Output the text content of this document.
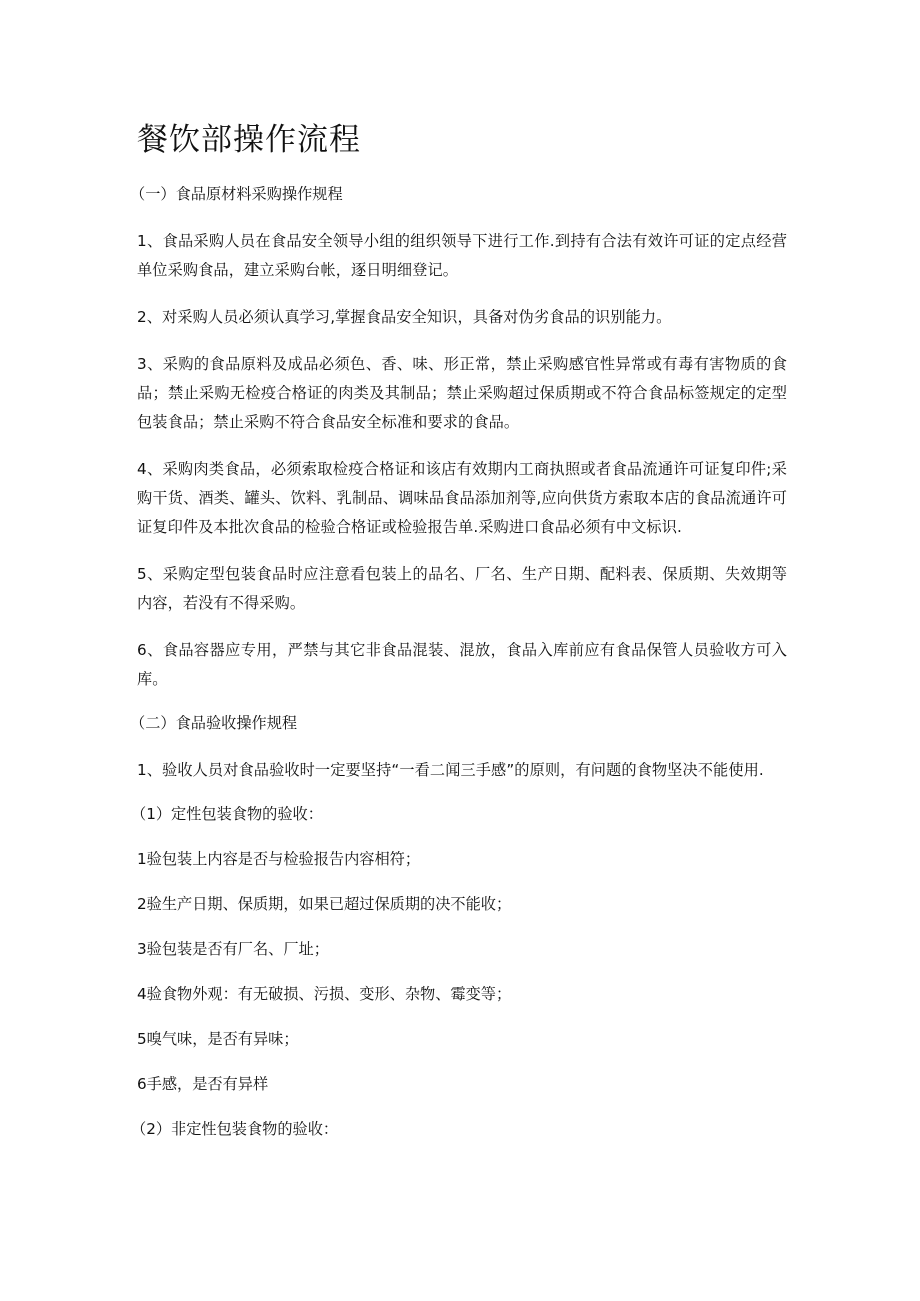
餐饮部操作流程
（一）食品原材料采购操作规程

1、食品采购人员在食品安全领导小组的组织领导下进行工作.到持有合法有效许可证的定点经营单位采购食品，建立采购台帐，逐日明细登记。

2、对采购人员必须认真学习,掌握食品安全知识，具备对伪劣食品的识别能力。

3、采购的食品原料及成品必须色、香、味、形正常，禁止采购感官性异常或有毒有害物质的食品；禁止采购无检疫合格证的肉类及其制品；禁止采购超过保质期或不符合食品标签规定的定型包装食品；禁止采购不符合食品安全标准和要求的食品。

4、采购肉类食品，必须索取检疫合格证和该店有效期内工商执照或者食品流通许可证复印件;采购干货、酒类、罐头、饮料、乳制品、调味品食品添加剂等,应向供货方索取本店的食品流通许可证复印件及本批次食品的检验合格证或检验报告单.采购进口食品必须有中文标识.

5、采购定型包装食品时应注意看包装上的品名、厂名、生产日期、配料表、保质期、失效期等内容，若没有不得采购。

6、食品容器应专用，严禁与其它非食品混装、混放，食品入库前应有食品保管人员验收方可入库。

（二）食品验收操作规程

1、验收人员对食品验收时一定要坚持“一看二闻三手感”的原则，有问题的食物坚决不能使用.

（1）定性包装食物的验收：
1验包装上内容是否与检验报告内容相符；
2验生产日期、保质期，如果已超过保质期的决不能收；
3验包装是否有厂名、厂址；
4验食物外观：有无破损、污损、变形、杂物、霉变等；
5嗅气味，是否有异味；
6手感，是否有异样
（2）非定性包装食物的验收：
